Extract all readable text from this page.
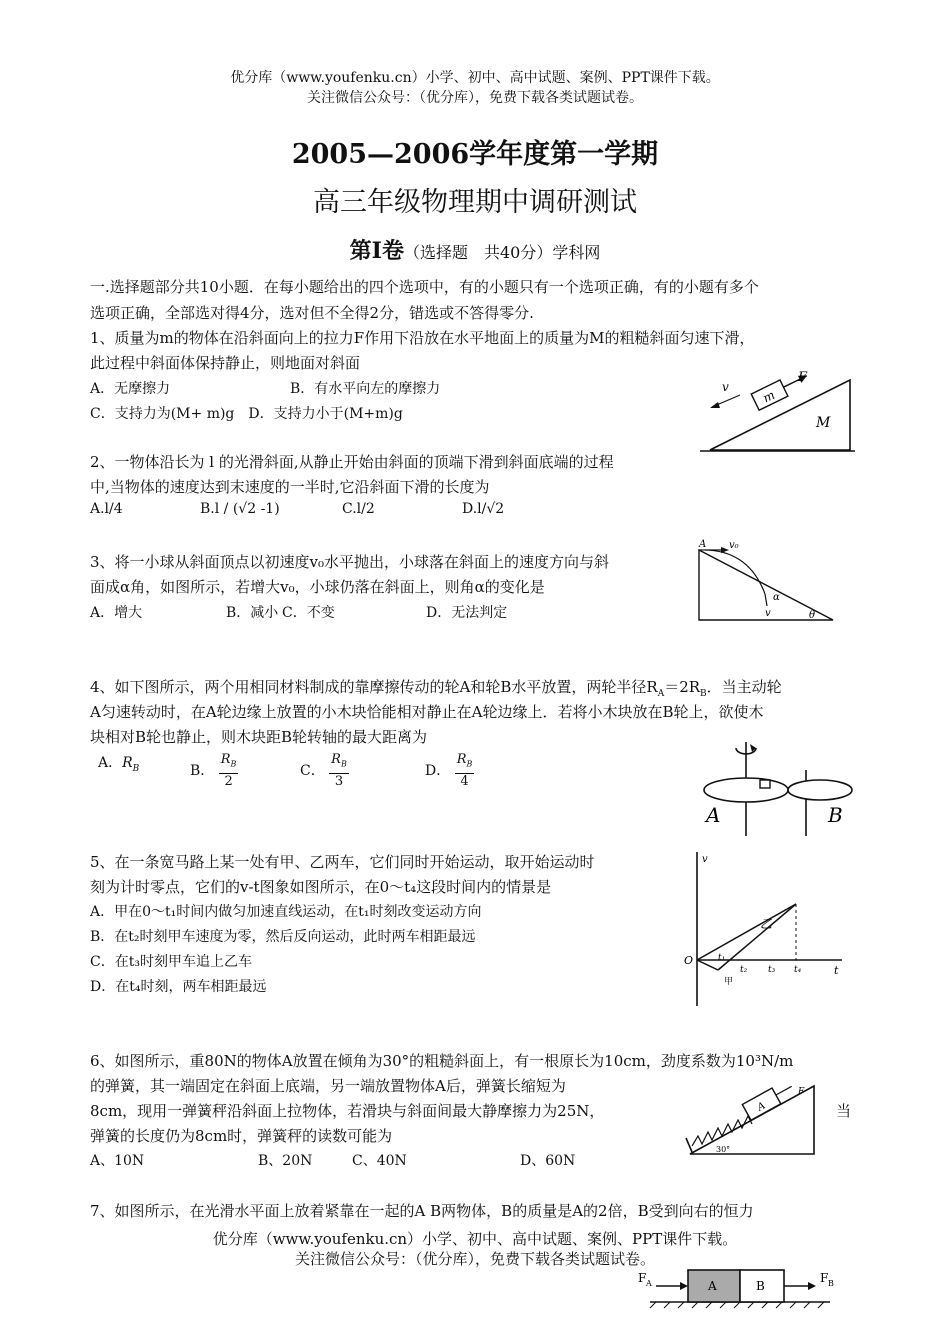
优分库（www.youfenku.cn）小学、初中、高中试题、案例、PPT课件下载。
关注微信公众号：（优分库），免费下载各类试题试卷。
2005—2006学年度第一学期
高三年级物理期中调研测试
第Ⅰ卷（选择题　共40分）学科网
一.选择题部分共10小题．在每小题给出的四个选项中，有的小题只有一个选项正确，有的小题有多个
选项正确，全部选对得4分，选对但不全得2分，错选或不答得零分.
1、质量为m的物体在沿斜面向上的拉力F作用下沿放在水平地面上的质量为M的粗糙斜面匀速下滑，
此过程中斜面体保持静止，则地面对斜面
A．无摩擦力	B．有水平向左的摩擦力
C．支持力为(M+ m)g　D．支持力小于(M+m)g
m
F
v
M
2、一物体沿长为 l 的光滑斜面,从静止开始由斜面的顶端下滑到斜面底端的过程
中,当物体的速度达到末速度的一半时,它沿斜面下滑的长度为
A.l/4	B.l / (√2 -1)	C.l/2	D.l/√2
3、将一小球从斜面顶点以初速度v₀水平抛出，小球落在斜面上的速度方向与斜
面成α角，如图所示，若增大v₀，小球仍落在斜面上，则角α的变化是
A．增大	B．减小 C．不变	D．无法判定
A v₀
v
α
θ
4、如下图所示，两个用相同材料制成的靠摩擦传动的轮A和轮B水平放置，两轮半径$R_A=2R_B$．当主动轮
A匀速转动时，在A轮边缘上放置的小木块恰能相对静止在A轮边缘上．若将小木块放在B轮上，欲使木
块相对B轮也静止，则木块距B轮转轴的最大距离为
A．$R_B$	B． $\frac{R_B}{2}$	C． $\frac{R_B}{3}$	D． $\frac{R_B}{4}$
A	B
5、在一条宽马路上某一处有甲、乙两车，它们同时开始运动，取开始运动时
刻为计时零点，它们的v-t图象如图所示，在0～t₄这段时间内的情景是
A．甲在0～t₁时间内做匀加速直线运动，在t₁时刻改变运动方向
B．在t₂时刻甲车速度为零，然后反向运动，此时两车相距最远
C．在t₃时刻甲车追上乙车
D．在t₄时刻，两车相距最远
v
O
t
乙
甲
t₁
t₂ t₃ t₄
6、如图所示，重80N的物体A放置在倾角为30°的粗糙斜面上，有一根原长为10cm，劲度系数为10³N/m
的弹簧，其一端固定在斜面上底端，另一端放置物体A后，弹簧长缩短为
8cm，现用一弹簧秤沿斜面上拉物体，若滑块与斜面间最大静摩擦力为25N，	当
弹簧的长度仍为8cm时，弹簧秤的读数可能为
A、10N	B、20N	C、40N	D、60N
A
F
30°
7、如图所示，在光滑水平面上放着紧靠在一起的A B两物体，B的质量是A的2倍，B受到向右的恒力
优分库（www.youfenku.cn）小学、初中、高中试题、案例、PPT课件下载。
关注微信公众号：（优分库），免费下载各类试题试卷。
A	B
F A	F B
